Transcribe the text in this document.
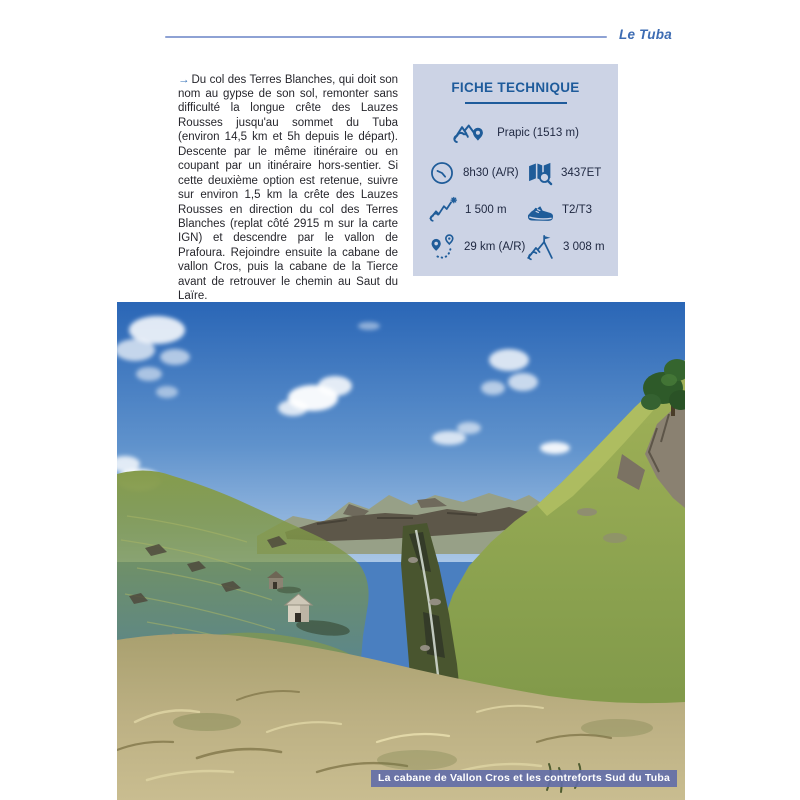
Le Tuba

→ Du col des Terres Blanches, qui doit son nom au gypse de son sol, remonter sans difficulté la longue crête des Lauzes Rousses jusqu'au sommet du Tuba (environ 14,5 km et 5h depuis le départ). Descente par le même itinéraire ou en coupant par un itinéraire hors-sentier. Si cette deuxième option est retenue, suivre sur environ 1,5 km la crête des Lauzes Rousses en direction du col des Terres Blanches (replat côté 2915 m sur la carte IGN) et descendre par le vallon de Prafoura. Rejoindre ensuite la cabane de vallon Cros, puis la cabane de la Tierce avant de retrouver le chemin au Saut du Laïre.

FICHE TECHNIQUE
Prapic (1513 m)
8h30 (A/R)	3437ET
1 500 m	T2/T3
29 km (A/R)	3 008 m
La cabane de Vallon Cros et les contreforts Sud du Tuba
